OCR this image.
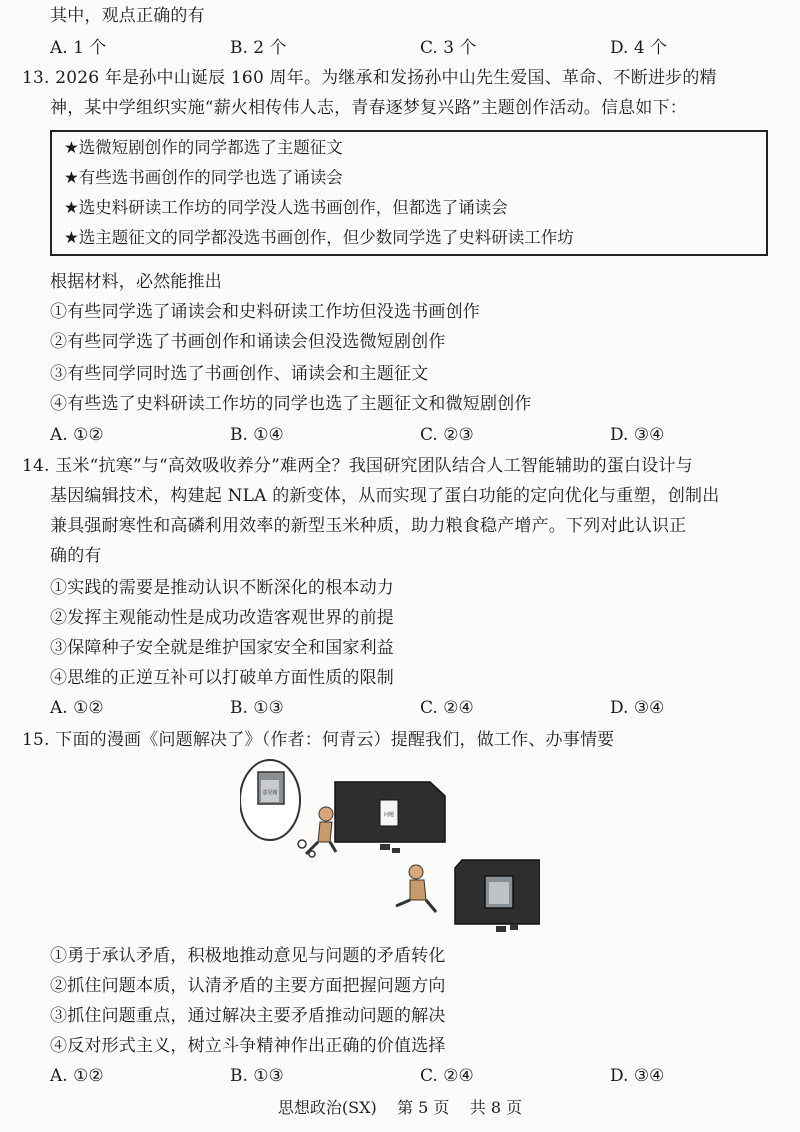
其中，观点正确的有
A. 1 个	B. 2 个	C. 3 个	D. 4 个
13. 2026 年是孙中山诞辰 160 周年。为继承和发扬孙中山先生爱国、革命、不断进步的精
神，某中学组织实施“薪火相传伟人志，青春逐梦复兴路”主题创作活动。信息如下：
★选微短剧创作的同学都选了主题征文
★有些选书画创作的同学也选了诵读会
★选史料研读工作坊的同学没人选书画创作，但都选了诵读会
★选主题征文的同学都没选书画创作，但少数同学选了史料研读工作坊
根据材料，必然能推出
①有些同学选了诵读会和史料研读工作坊但没选书画创作
②有些同学选了书画创作和诵读会但没选微短剧创作
③有些同学同时选了书画创作、诵读会和主题征文
④有些选了史料研读工作坊的同学也选了主题征文和微短剧创作
A. ①②	B. ①④	C. ②③	D. ③④
14. 玉米“抗寒”与“高效吸收养分”难两全？我国研究团队结合人工智能辅助的蛋白设计与
基因编辑技术，构建起 NLA 的新变体，从而实现了蛋白功能的定向优化与重塑，创制出
兼具强耐寒性和高磷利用效率的新型玉米种质，助力粮食稳产增产。下列对此认识正
确的有
①实践的需要是推动认识不断深化的根本动力
②发挥主观能动性是成功改造客观世界的前提
③保障种子安全就是维护国家安全和国家利益
④思维的正逆互补可以打破单方面性质的限制
A. ①②	B. ①③	C. ②④	D. ③④
15. 下面的漫画《问题解决了》（作者：何青云）提醒我们，做工作、办事情要
意见箱
问题
①勇于承认矛盾，积极地推动意见与问题的矛盾转化
②抓住问题本质，认清矛盾的主要方面把握问题方向
③抓住问题重点，通过解决主要矛盾推动问题的解决
④反对形式主义，树立斗争精神作出正确的价值选择
A. ①②	B. ①③	C. ②④	D. ③④
思想政治(SX) 第 5 页 共 8 页
